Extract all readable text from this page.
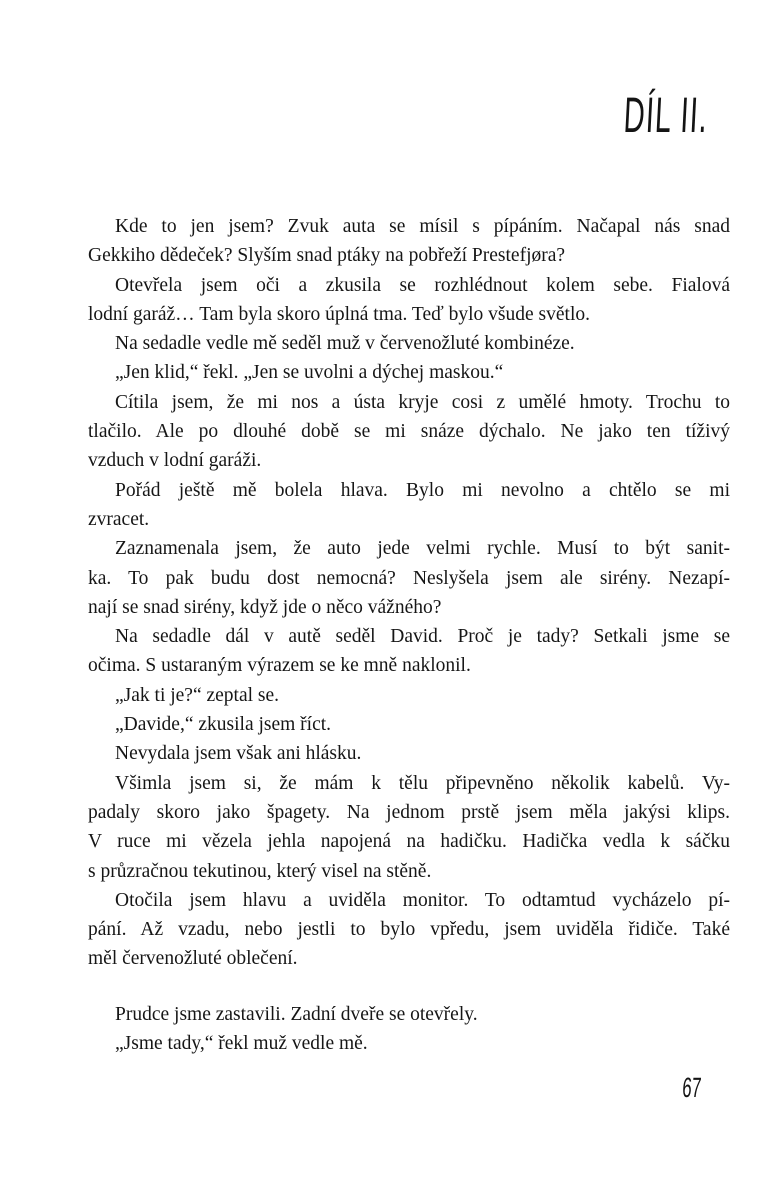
DÍL II.
Kde to jen jsem? Zvuk auta se mísil s pípáním. Načapal nás snad
Gekkiho dědeček? Slyším snad ptáky na pobřeží Prestefjøra?
Otevřela jsem oči a zkusila se rozhlédnout kolem sebe. Fialová
lodní garáž… Tam byla skoro úplná tma. Teď bylo všude světlo.
Na sedadle vedle mě seděl muž v červenožluté kombinéze.
„Jen klid,“ řekl. „Jen se uvolni a dýchej maskou.“
Cítila jsem, že mi nos a ústa kryje cosi z umělé hmoty. Trochu to
tlačilo. Ale po dlouhé době se mi snáze dýchalo. Ne jako ten tíživý
vzduch v lodní garáži.
Pořád ještě mě bolela hlava. Bylo mi nevolno a chtělo se mi
zvracet.
Zaznamenala jsem, že auto jede velmi rychle. Musí to být sanit-
ka. To pak budu dost nemocná? Neslyšela jsem ale sirény. Nezapí-
nají se snad sirény, když jde o něco vážného?
Na sedadle dál v autě seděl David. Proč je tady? Setkali jsme se
očima. S ustaraným výrazem se ke mně naklonil.
„Jak ti je?“ zeptal se.
„Davide,“ zkusila jsem říct.
Nevydala jsem však ani hlásku.
Všimla jsem si, že mám k tělu připevněno několik kabelů. Vy-
padaly skoro jako špagety. Na jednom prstě jsem měla jakýsi klips.
V ruce mi vězela jehla napojená na hadičku. Hadička vedla k sáčku
s průzračnou tekutinou, který visel na stěně.
Otočila jsem hlavu a uviděla monitor. To odtamtud vycházelo pí-
pání. Až vzadu, nebo jestli to bylo vpředu, jsem uviděla řidiče. Také
měl červenožluté oblečení.
Prudce jsme zastavili. Zadní dveře se otevřely.
„Jsme tady,“ řekl muž vedle mě.
67
